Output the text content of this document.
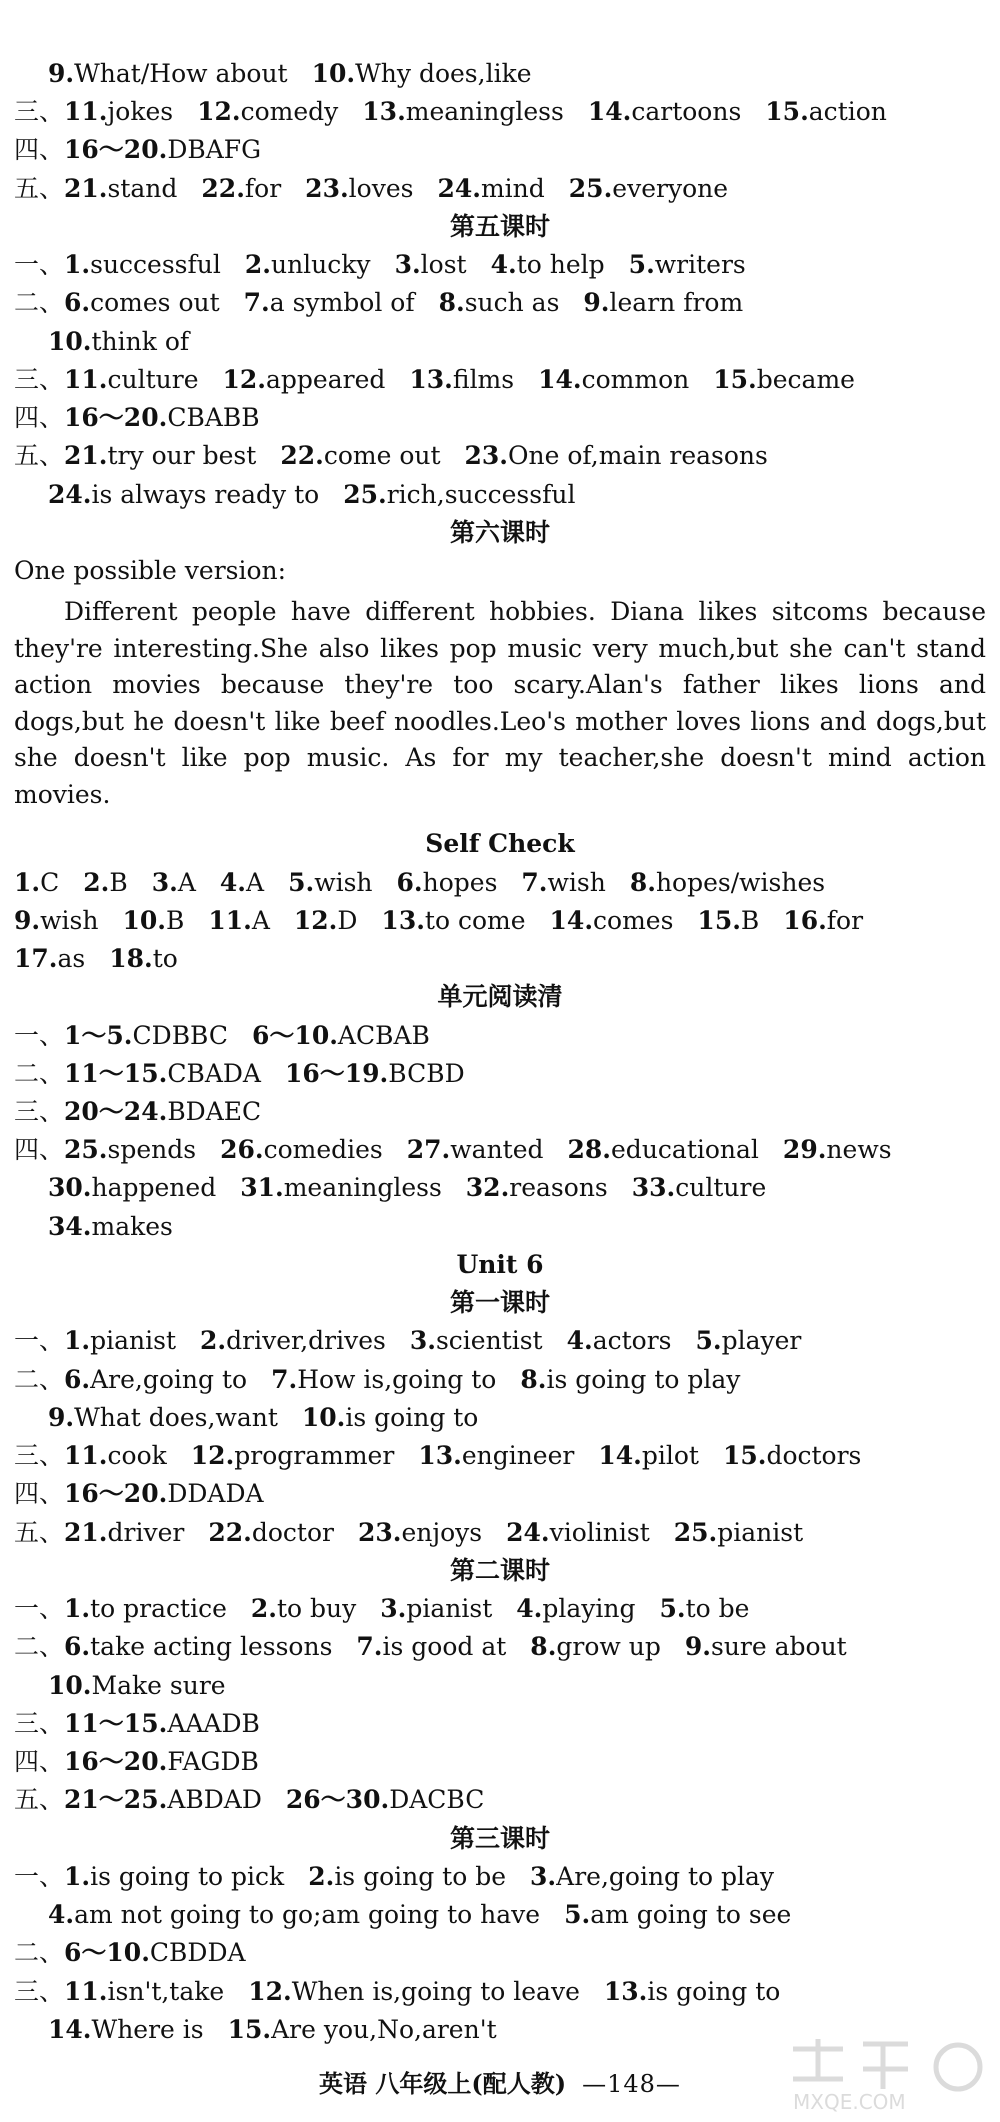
9.What/How about 10.Why does,like
三、11.jokes 12.comedy 13.meaningless 14.cartoons 15.action
四、16～20.DBAFG
五、21.stand 22.for 23.loves 24.mind 25.everyone
第五课时
一、1.successful 2.unlucky 3.lost 4.to help 5.writers
二、6.comes out 7.a symbol of 8.such as 9.learn from
10.think of
三、11.culture 12.appeared 13.films 14.common 15.became
四、16～20.CBABB
五、21.try our best 22.come out 23.One of,main reasons
24.is always ready to 25.rich,successful
第六课时
One possible version:
Different people have different hobbies. Diana likes sitcoms because they're interesting.She also likes pop music very much,but she can't stand action movies because they're too scary.Alan's father likes lions and dogs,but he doesn't like beef noodles.Leo's mother loves lions and dogs,but she doesn't like pop music. As for my teacher,she doesn't mind action movies.
Self Check
1.C 2.B 3.A 4.A 5.wish 6.hopes 7.wish 8.hopes/wishes
9.wish 10.B 11.A 12.D 13.to come 14.comes 15.B 16.for
17.as 18.to
单元阅读清
一、1～5.CDBBC 6～10.ACBAB
二、11～15.CBADA 16～19.BCBD
三、20～24.BDAEC
四、25.spends 26.comedies 27.wanted 28.educational 29.news
30.happened 31.meaningless 32.reasons 33.culture
34.makes
Unit 6
第一课时
一、1.pianist 2.driver,drives 3.scientist 4.actors 5.player
二、6.Are,going to 7.How is,going to 8.is going to play
9.What does,want 10.is going to
三、11.cook 12.programmer 13.engineer 14.pilot 15.doctors
四、16～20.DDADA
五、21.driver 22.doctor 23.enjoys 24.violinist 25.pianist
第二课时
一、1.to practice 2.to buy 3.pianist 4.playing 5.to be
二、6.take acting lessons 7.is good at 8.grow up 9.sure about
10.Make sure
三、11～15.AAADB
四、16～20.FAGDB
五、21～25.ABDAD 26～30.DACBC
第三课时
一、1.is going to pick 2.is going to be 3.Are,going to play
4.am not going to go;am going to have 5.am going to see
二、6～10.CBDDA
三、11.isn't,take 12.When is,going to leave 13.is going to
14.Where is 15.Are you,No,aren't
英语 八年级上(配人教) —148—
MXQE.COM
